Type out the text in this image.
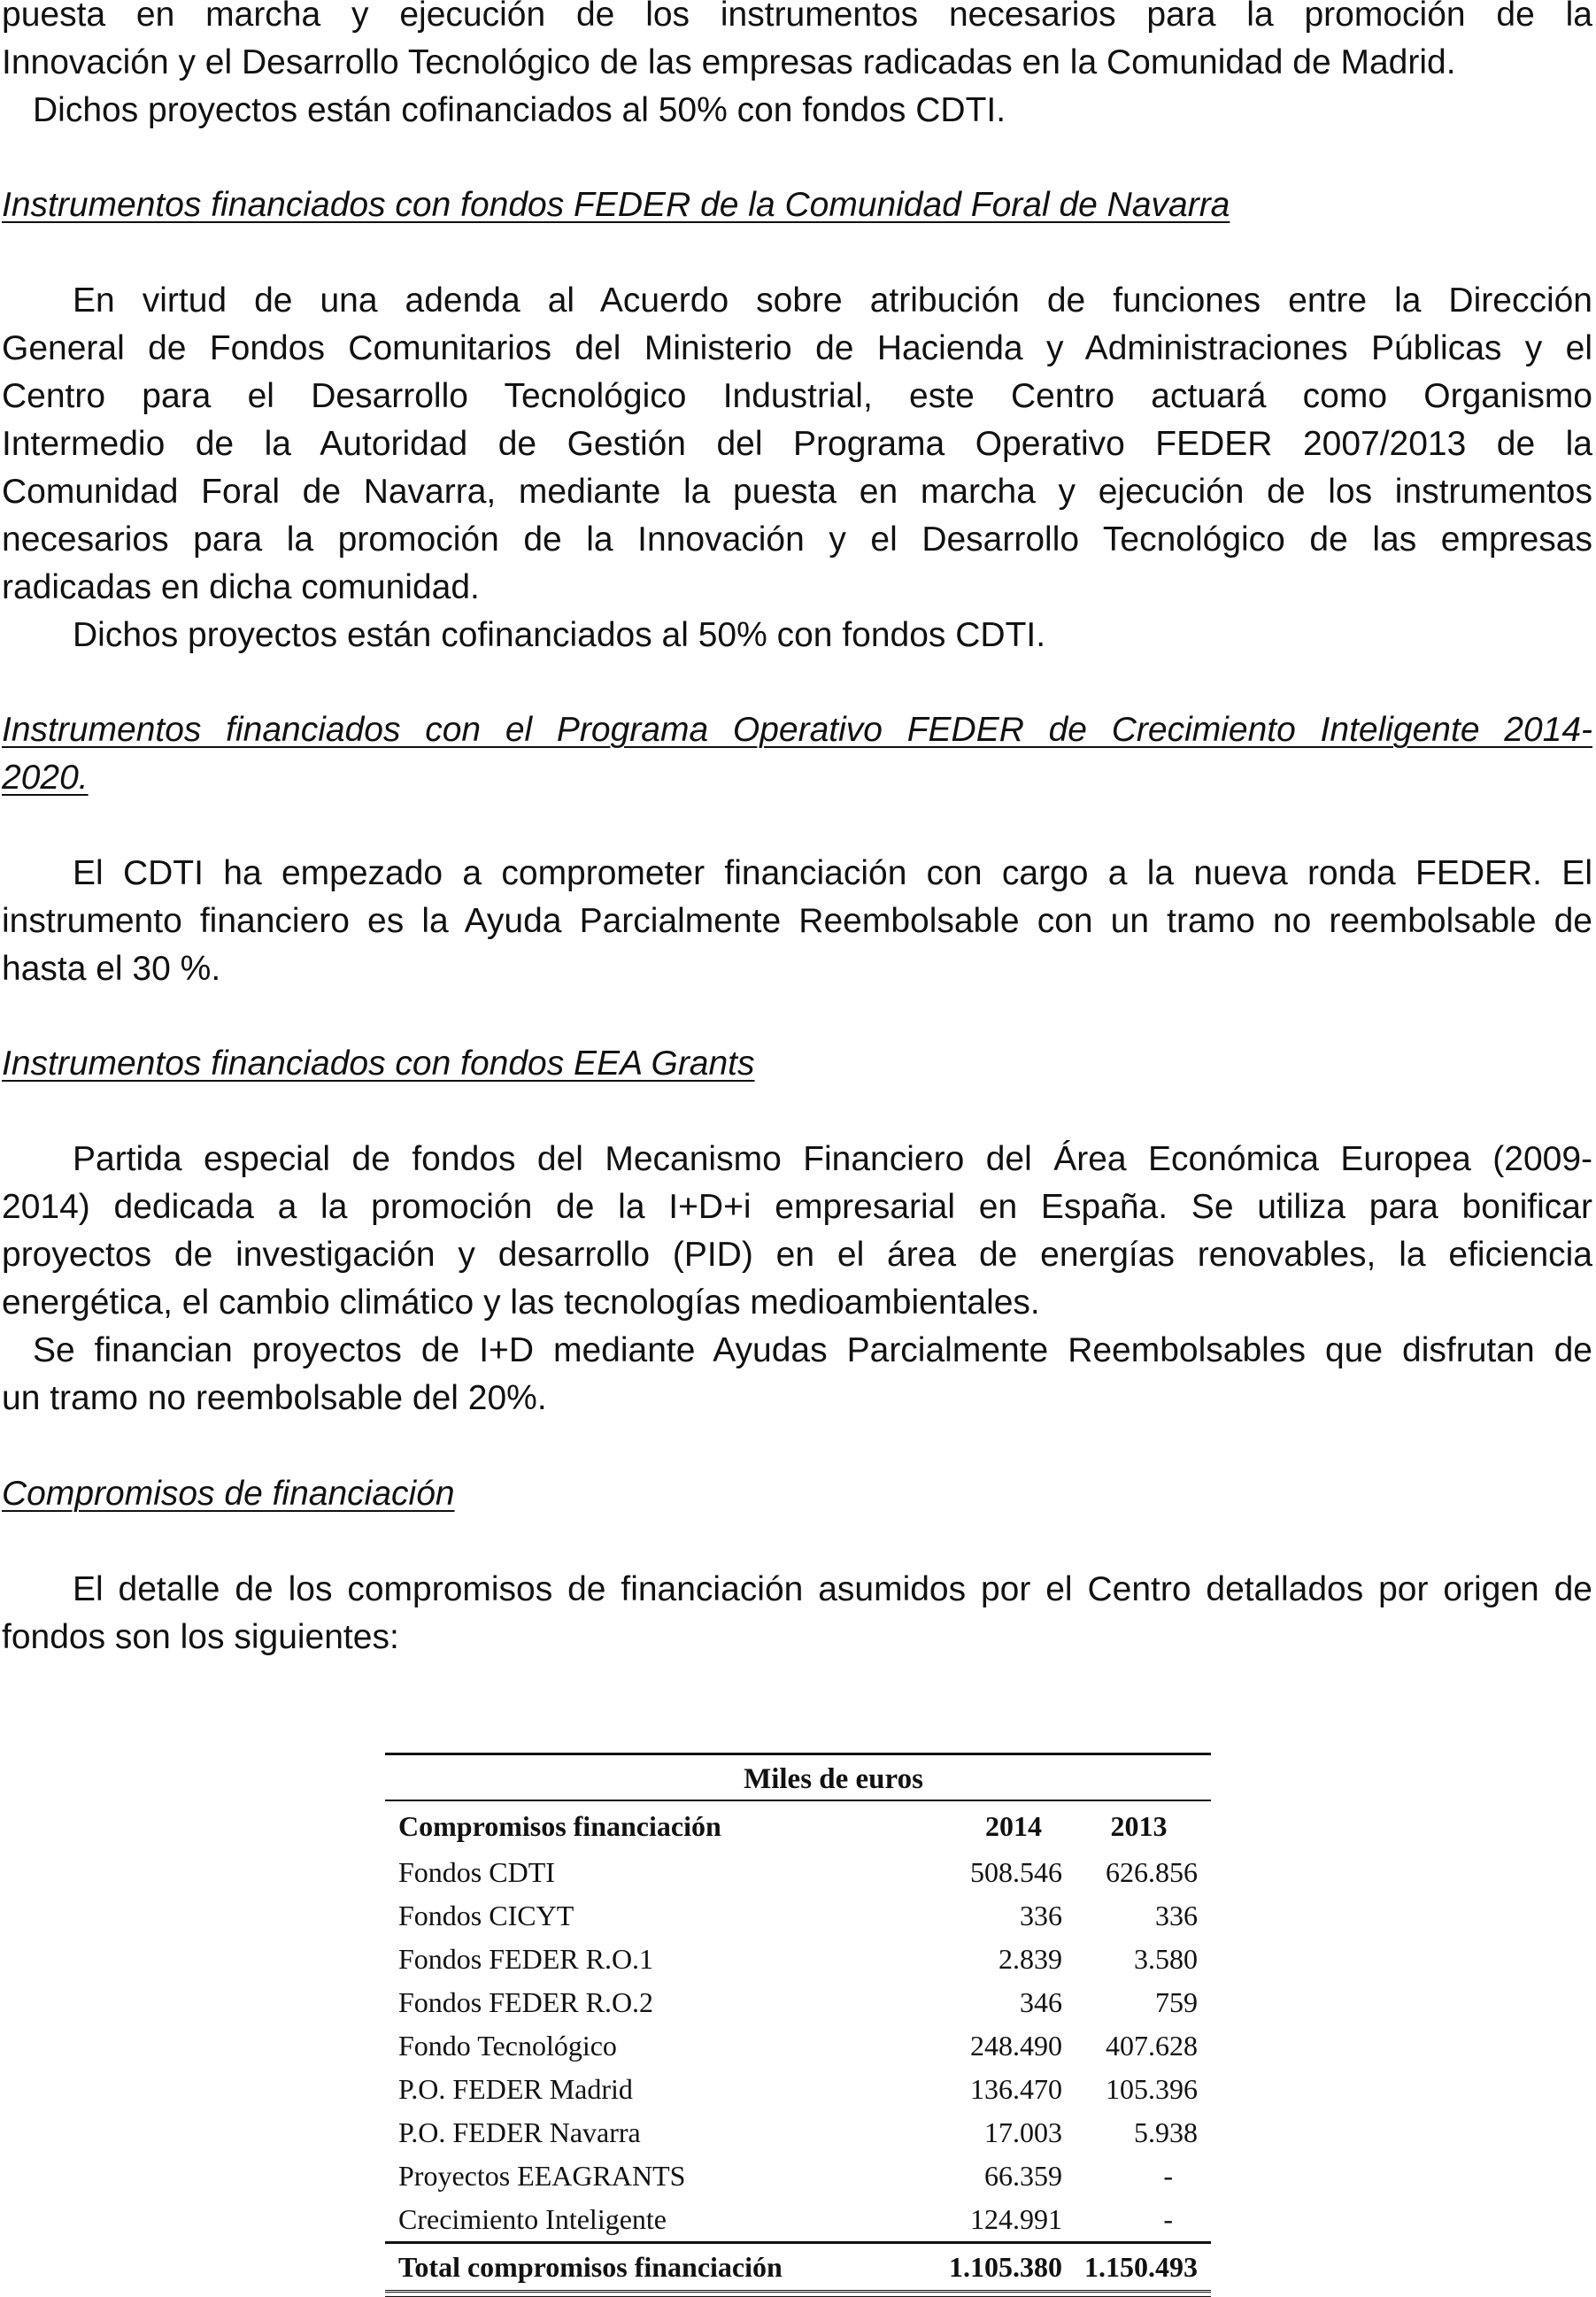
puesta en marcha y ejecución de los instrumentos necesarios para la promoción de la
Innovación y el Desarrollo Tecnológico de las empresas radicadas en la Comunidad de Madrid.
Dichos proyectos están cofinanciados al 50% con fondos CDTI.

Instrumentos financiados con fondos FEDER de la Comunidad Foral de Navarra

En virtud de una adenda al Acuerdo sobre atribución de funciones entre la Dirección
General de Fondos Comunitarios del Ministerio de Hacienda y Administraciones Públicas y el
Centro para el Desarrollo Tecnológico Industrial, este Centro actuará como Organismo
Intermedio de la Autoridad de Gestión del Programa Operativo FEDER 2007/2013 de la
Comunidad Foral de Navarra, mediante la puesta en marcha y ejecución de los instrumentos
necesarios para la promoción de la Innovación y el Desarrollo Tecnológico de las empresas
radicadas en dicha comunidad.
Dichos proyectos están cofinanciados al 50% con fondos CDTI.
Instrumentos financiados con el Programa Operativo FEDER de Crecimiento Inteligente 2014-
2020.
El CDTI ha empezado a comprometer financiación con cargo a la nueva ronda FEDER. El
instrumento financiero es la Ayuda Parcialmente Reembolsable con un tramo no reembolsable de
hasta el 30 %.

Instrumentos financiados con fondos EEA Grants

Partida especial de fondos del Mecanismo Financiero del Área Económica Europea (2009-
2014) dedicada a la promoción de la I+D+i empresarial en España. Se utiliza para bonificar
proyectos de investigación y desarrollo (PID) en el área de energías renovables, la eficiencia
energética, el cambio climático y las tecnologías medioambientales.
Se financian proyectos de I+D mediante Ayudas Parcialmente Reembolsables que disfrutan de
un tramo no reembolsable del 20%.

Compromisos de financiación

El detalle de los compromisos de financiación asumidos por el Centro detallados por origen de
fondos son los siguientes:
Miles de euros
Compromisos financiación	2014	2013
Fondos CDTI	508.546	626.856
Fondos CICYT	336	336
Fondos FEDER R.O.1	2.839	3.580
Fondos FEDER R.O.2	346	759
Fondo Tecnológico	248.490	407.628
P.O. FEDER Madrid	136.470	105.396
P.O. FEDER Navarra	17.003	5.938
Proyectos EEAGRANTS	66.359	-
Crecimiento Inteligente	124.991	-
Total compromisos financiación	1.105.380 1.150.493
